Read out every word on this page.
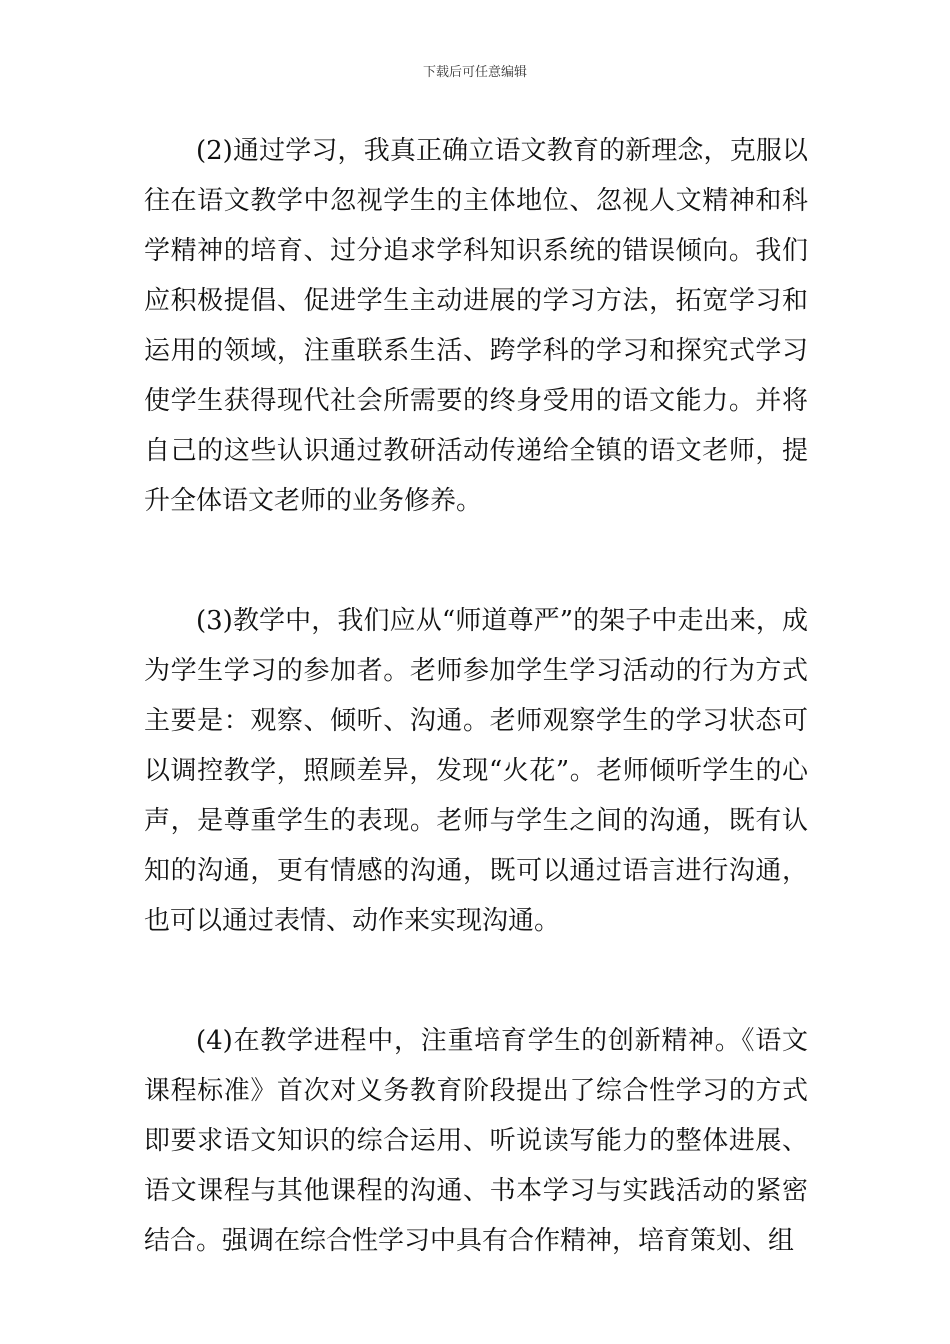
下载后可任意编辑

(2)通过学习，我真正确立语文教育的新理念，克服以往在语文教学中忽视学生的主体地位、忽视人文精神和科学精神的培育、过分追求学科知识系统的错误倾向。我们应积极提倡、促进学生主动进展的学习方法，拓宽学习和运用的领域，注重联系生活、跨学科的学习和探究式学习使学生获得现代社会所需要的终身受用的语文能力。并将自己的这些认识通过教研活动传递给全镇的语文老师，提升全体语文老师的业务修养。

(3)教学中，我们应从“师道尊严”的架子中走出来，成为学生学习的参加者。老师参加学生学习活动的行为方式主要是：观察、倾听、沟通。老师观察学生的学习状态可以调控教学，照顾差异，发现“火花”。老师倾听学生的心声，是尊重学生的表现。老师与学生之间的沟通，既有认知的沟通，更有情感的沟通，既可以通过语言进行沟通，也可以通过表情、动作来实现沟通。

(4)在教学进程中，注重培育学生的创新精神。《语文课程标准》首次对义务教育阶段提出了综合性学习的方式即要求语文知识的综合运用、听说读写能力的整体进展、语文课程与其他课程的沟通、书本学习与实践活动的紧密结合。强调在综合性学习中具有合作精神，培育策划、组
